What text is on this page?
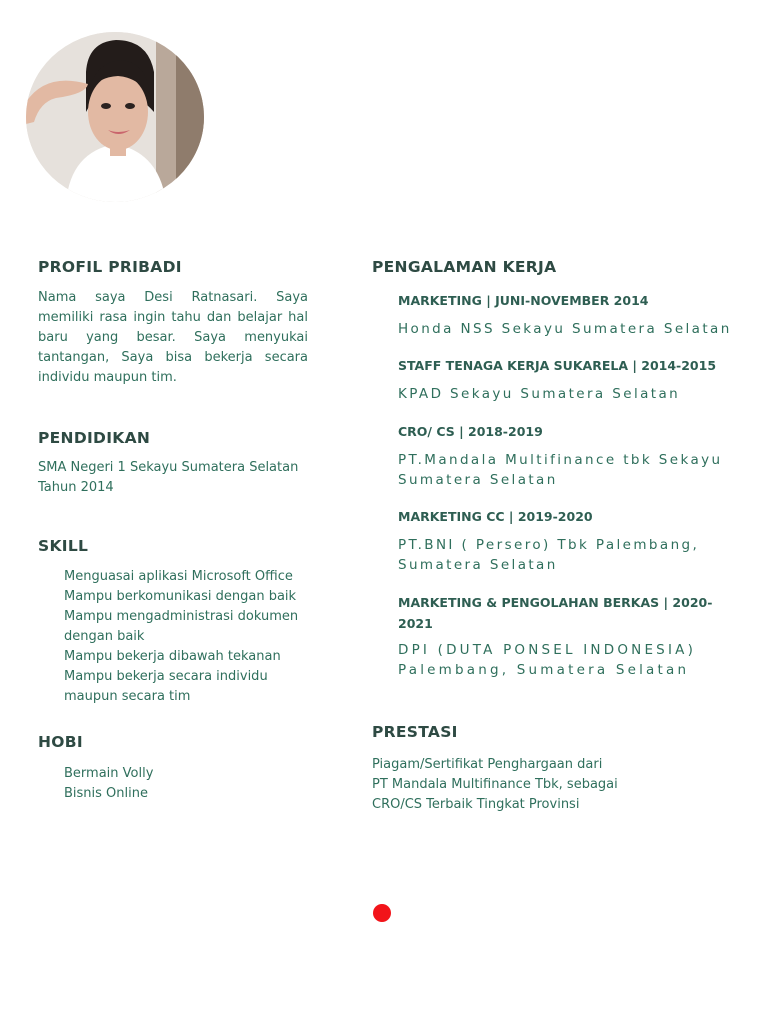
PROFIL PRIBADI

Nama saya Desi Ratnasari. Saya memiliki rasa ingin tahu dan belajar hal baru yang besar. Saya menyukai tantangan, Saya bisa bekerja secara individu maupun tim.

PENDIDIKAN

SMA Negeri 1 Sekayu Sumatera Selatan

Tahun 2014

SKILL
Menguasai aplikasi Microsoft Office
Mampu berkomunikasi dengan baik
Mampu mengadministrasi dokumen dengan baik
Mampu bekerja dibawah tekanan
Mampu bekerja secara individu maupun secara tim
HOBI
Bermain Volly
Bisnis Online
PENGALAMAN KERJA

MARKETING | JUNI-NOVEMBER 2014

Honda NSS Sekayu Sumatera Selatan

STAFF TENAGA KERJA SUKARELA | 2014-2015

KPAD Sekayu Sumatera Selatan

CRO/ CS | 2018-2019

PT.Mandala Multifinance tbk Sekayu Sumatera Selatan

MARKETING CC | 2019-2020

PT.BNI ( Persero) Tbk Palembang, Sumatera Selatan

MARKETING & PENGOLAHAN BERKAS | 2020-2021

DPI (DUTA PONSEL INDONESIA) Palembang, Sumatera Selatan

PRESTASI

Piagam/Sertifikat Penghargaan dari

PT Mandala Multifinance Tbk, sebagai

CRO/CS Terbaik Tingkat Provinsi
